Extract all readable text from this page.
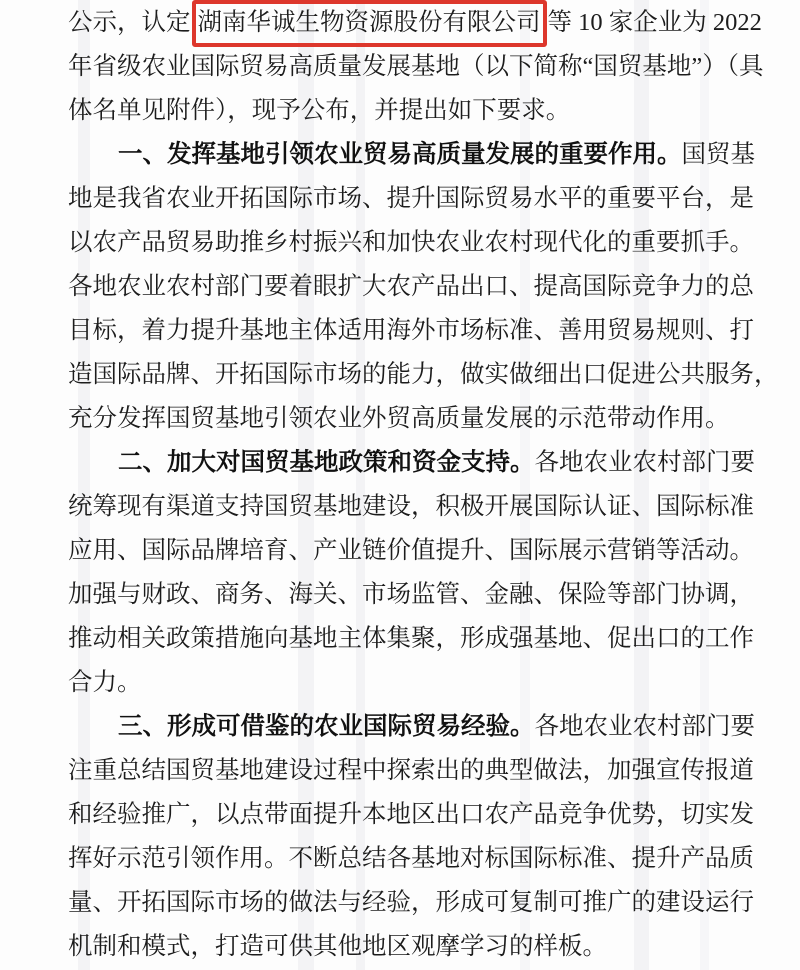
公示，认定 湖南华诚生物资源股份有限公司 等 10 家企业为 2022
年省级农业国际贸易高质量发展基地（以下简称“国贸基地”）（具
体名单见附件），现予公布，并提出如下要求。
一、发挥基地引领农业贸易高质量发展的重要作用。国贸基
地是我省农业开拓国际市场、提升国际贸易水平的重要平台，是
以农产品贸易助推乡村振兴和加快农业农村现代化的重要抓手。
各地农业农村部门要着眼扩大农产品出口、提高国际竞争力的总
目标，着力提升基地主体适用海外市场标准、善用贸易规则、打
造国际品牌、开拓国际市场的能力，做实做细出口促进公共服务，
充分发挥国贸基地引领农业外贸高质量发展的示范带动作用。
二、加大对国贸基地政策和资金支持。各地农业农村部门要
统筹现有渠道支持国贸基地建设，积极开展国际认证、国际标准
应用、国际品牌培育、产业链价值提升、国际展示营销等活动。
加强与财政、商务、海关、市场监管、金融、保险等部门协调，
推动相关政策措施向基地主体集聚，形成强基地、促出口的工作
合力。
三、形成可借鉴的农业国际贸易经验。各地农业农村部门要
注重总结国贸基地建设过程中探索出的典型做法，加强宣传报道
和经验推广，以点带面提升本地区出口农产品竞争优势，切实发
挥好示范引领作用。不断总结各基地对标国际标准、提升产品质
量、开拓国际市场的做法与经验，形成可复制可推广的建设运行
机制和模式，打造可供其他地区观摩学习的样板。
